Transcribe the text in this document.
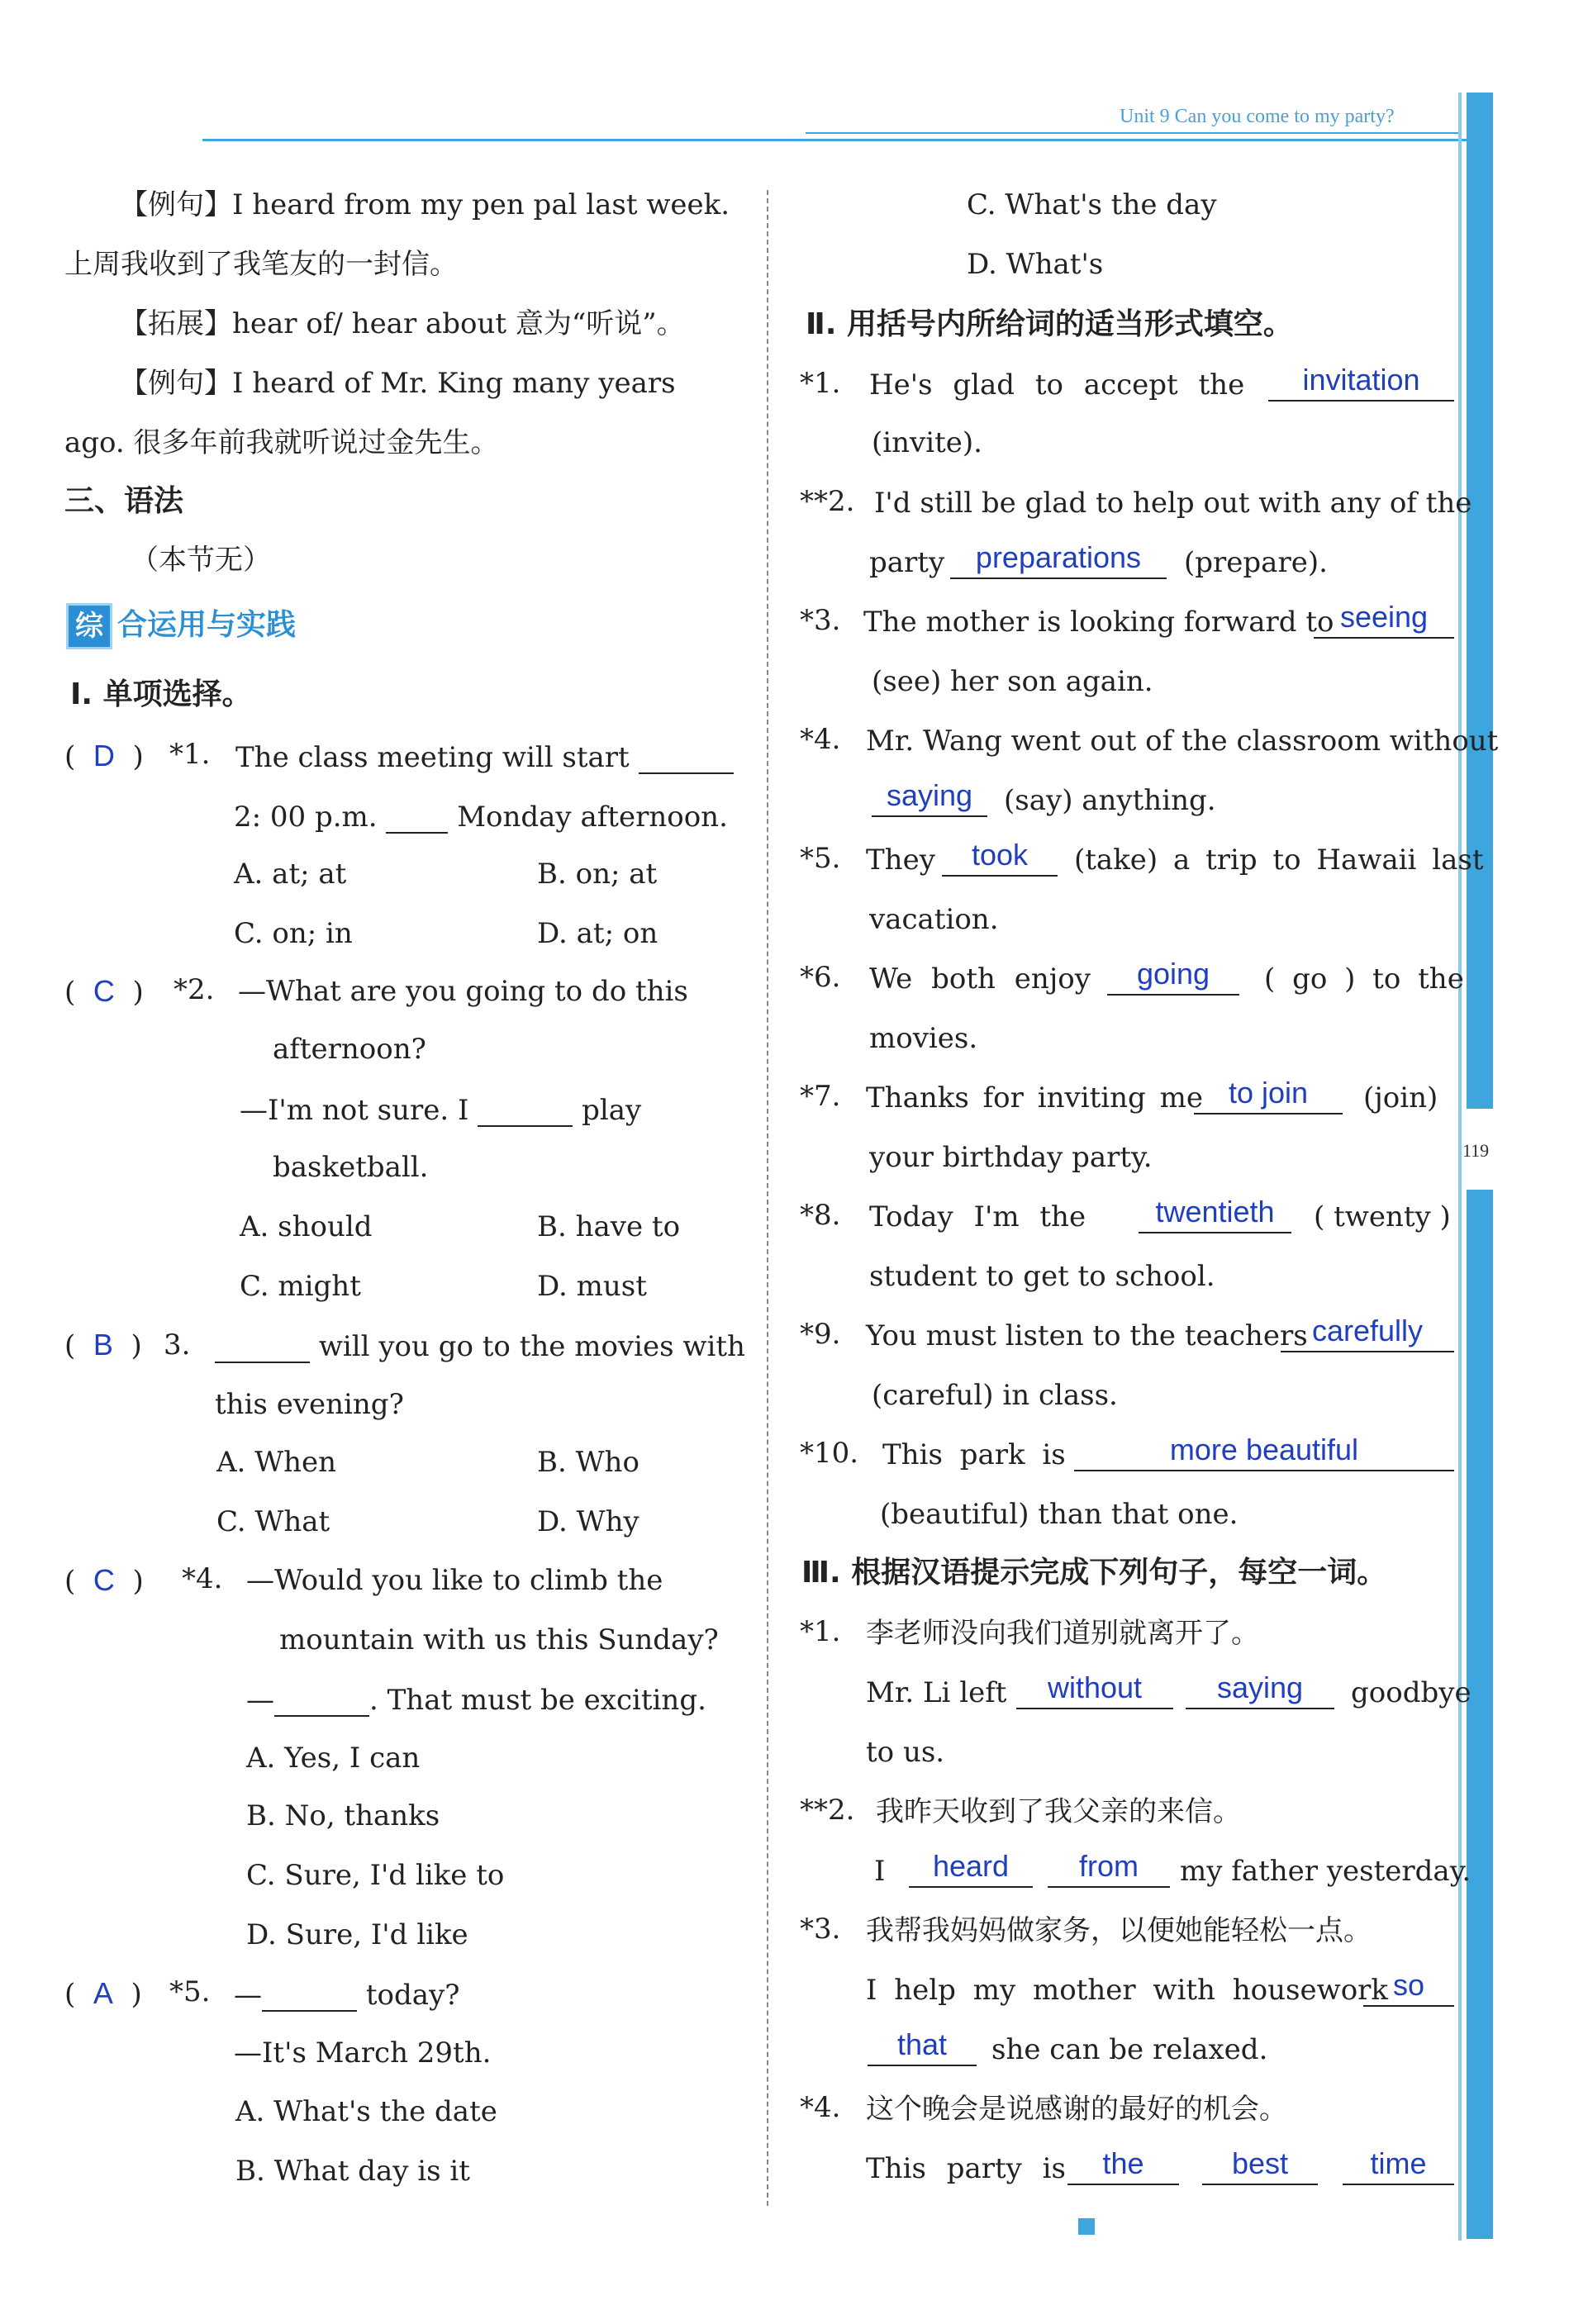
Unit 9 Can you come to my party?
119
【例句】I heard from my pen pal last week.
上周我收到了我笔友的一封信。
【拓展】hear of/ hear about 意为“听说”。
【例句】I heard of Mr. King many years
ago. 很多年前我就听说过金先生。
三、语法
（本节无）
综 合运用与实践
Ⅰ. 单项选择。
(  D  ) *1. The class meeting will start
2: 00 p.m.	Monday afternoon.
A. at; at	B. on; at
C. on; in	D. at; on
(  C  ) *2. —What are you going to do this
afternoon?
—I'm not sure. I	play
basketball.
A. should	B. have to
C. might	D. must
(  B  ) 3.	will you go to the movies with
this evening?
A. When	B. Who
C. What	D. Why
(  C  ) *4. —Would you like to climb the
mountain with us this Sunday?
—	. That must be exciting.
A. Yes, I can
B. No, thanks
C. Sure, I'd like to
D. Sure, I'd like
(  A  ) *5. —	today?
—It's March 29th.
A. What's the date
B. What day is it
C. What's the day
D. What's
Ⅱ. 用括号内所给词的适当形式填空。
*1. He's glad to accept the	invitation
(invite).
**2. I'd still be glad to help out with any of the
party	preparations	(prepare).
*3. The mother is looking forward to seeing
(see) her son again.
*4. Mr. Wang went out of the classroom without
saying	(say) anything.
*5. They	took	(take) a trip to Hawaii last
vacation.
*6. We both enjoy	going	( go ) to the
movies.
*7. Thanks for inviting me to join	(join)
your birthday party.
*8. Today I'm the	twentieth	( twenty )
student to get to school.
*9. You must listen to the teachers carefully
(careful) in class.
*10. This park is	more beautiful
(beautiful) than that one.
Ⅲ. 根据汉语提示完成下列句子，每空一词。
*1. 李老师没向我们道别就离开了。
Mr. Li left	without	saying	goodbye
to us.
**2. 我昨天收到了我父亲的来信。
I	heard	from	my father yesterday.
*3. 我帮我妈妈做家务，以便她能轻松一点。
I help my mother with housework so
that	she can be relaxed.
*4. 这个晚会是说感谢的最好的机会。
This party is	the	best	time
